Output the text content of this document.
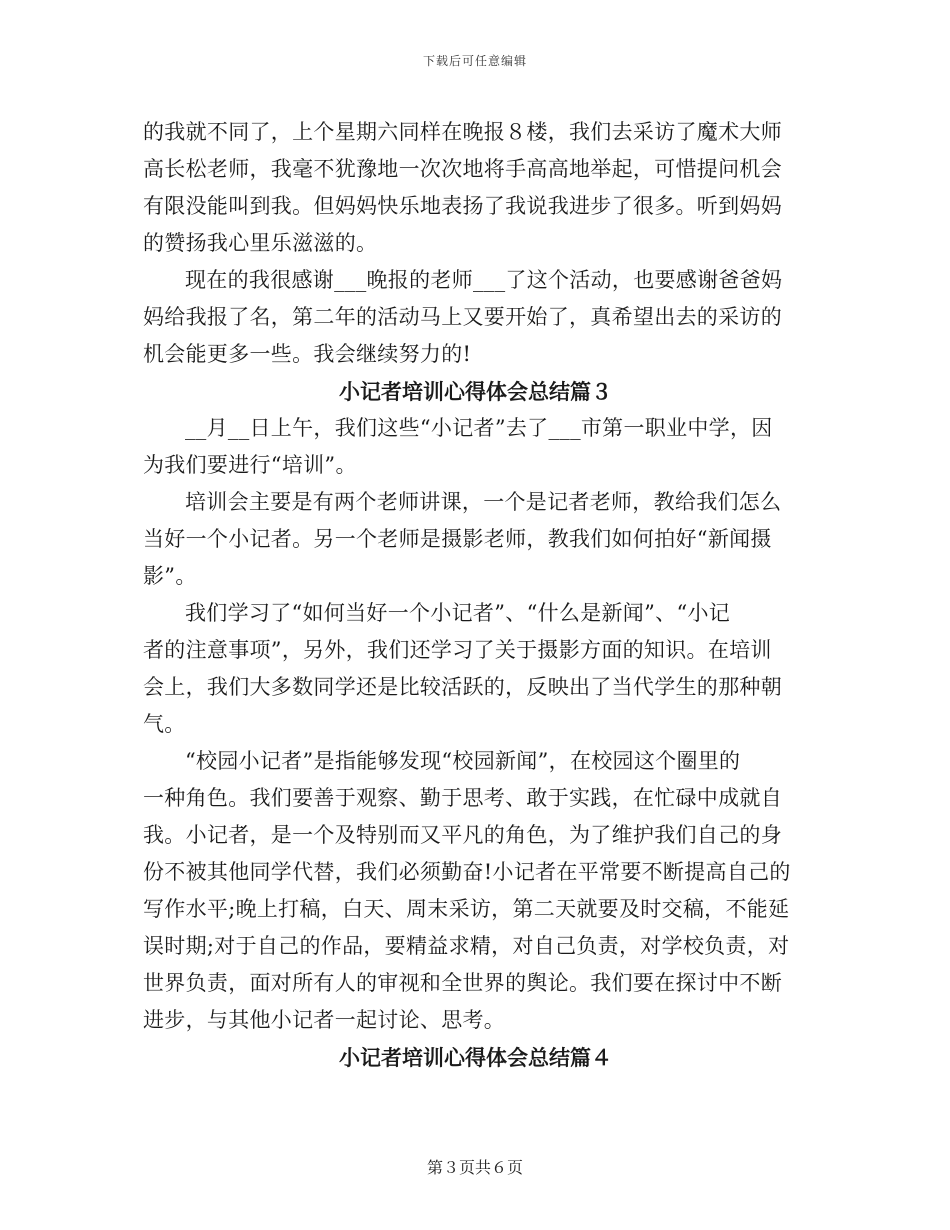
下载后可任意编辑

的我就不同了，上个星期六同样在晚报８楼，我们去采访了魔术大师
高长松老师，我毫不犹豫地一次次地将手高高地举起，可惜提问机会
有限没能叫到我。但妈妈快乐地表扬了我说我进步了很多。听到妈妈
的赞扬我心里乐滋滋的。

现在的我很感谢___晚报的老师___了这个活动，也要感谢爸爸妈
妈给我报了名，第二年的活动马上又要开始了，真希望出去的采访的
机会能更多一些。我会继续努力的!

小记者培训心得体会总结篇３

__月__日上午，我们这些“小记者”去了___市第一职业中学，因
为我们要进行“培训”。

培训会主要是有两个老师讲课，一个是记者老师，教给我们怎么
当好一个小记者。另一个老师是摄影老师，教我们如何拍好“新闻摄
影”。

我们学习了“如何当好一个小记者”、“什么是新闻”、“小记
者的注意事项”，另外，我们还学习了关于摄影方面的知识。在培训
会上，我们大多数同学还是比较活跃的，反映出了当代学生的那种朝
气。

“校园小记者”是指能够发现“校园新闻”，在校园这个圈里的
一种角色。我们要善于观察、勤于思考、敢于实践，在忙碌中成就自
我。小记者，是一个及特别而又平凡的角色，为了维护我们自己的身
份不被其他同学代替，我们必须勤奋!小记者在平常要不断提高自己的
写作水平;晚上打稿，白天、周末采访，第二天就要及时交稿，不能延
误时期;对于自己的作品，要精益求精，对自己负责，对学校负责，对
世界负责，面对所有人的审视和全世界的舆论。我们要在探讨中不断
进步，与其他小记者一起讨论、思考。

小记者培训心得体会总结篇４
第３页共６页
